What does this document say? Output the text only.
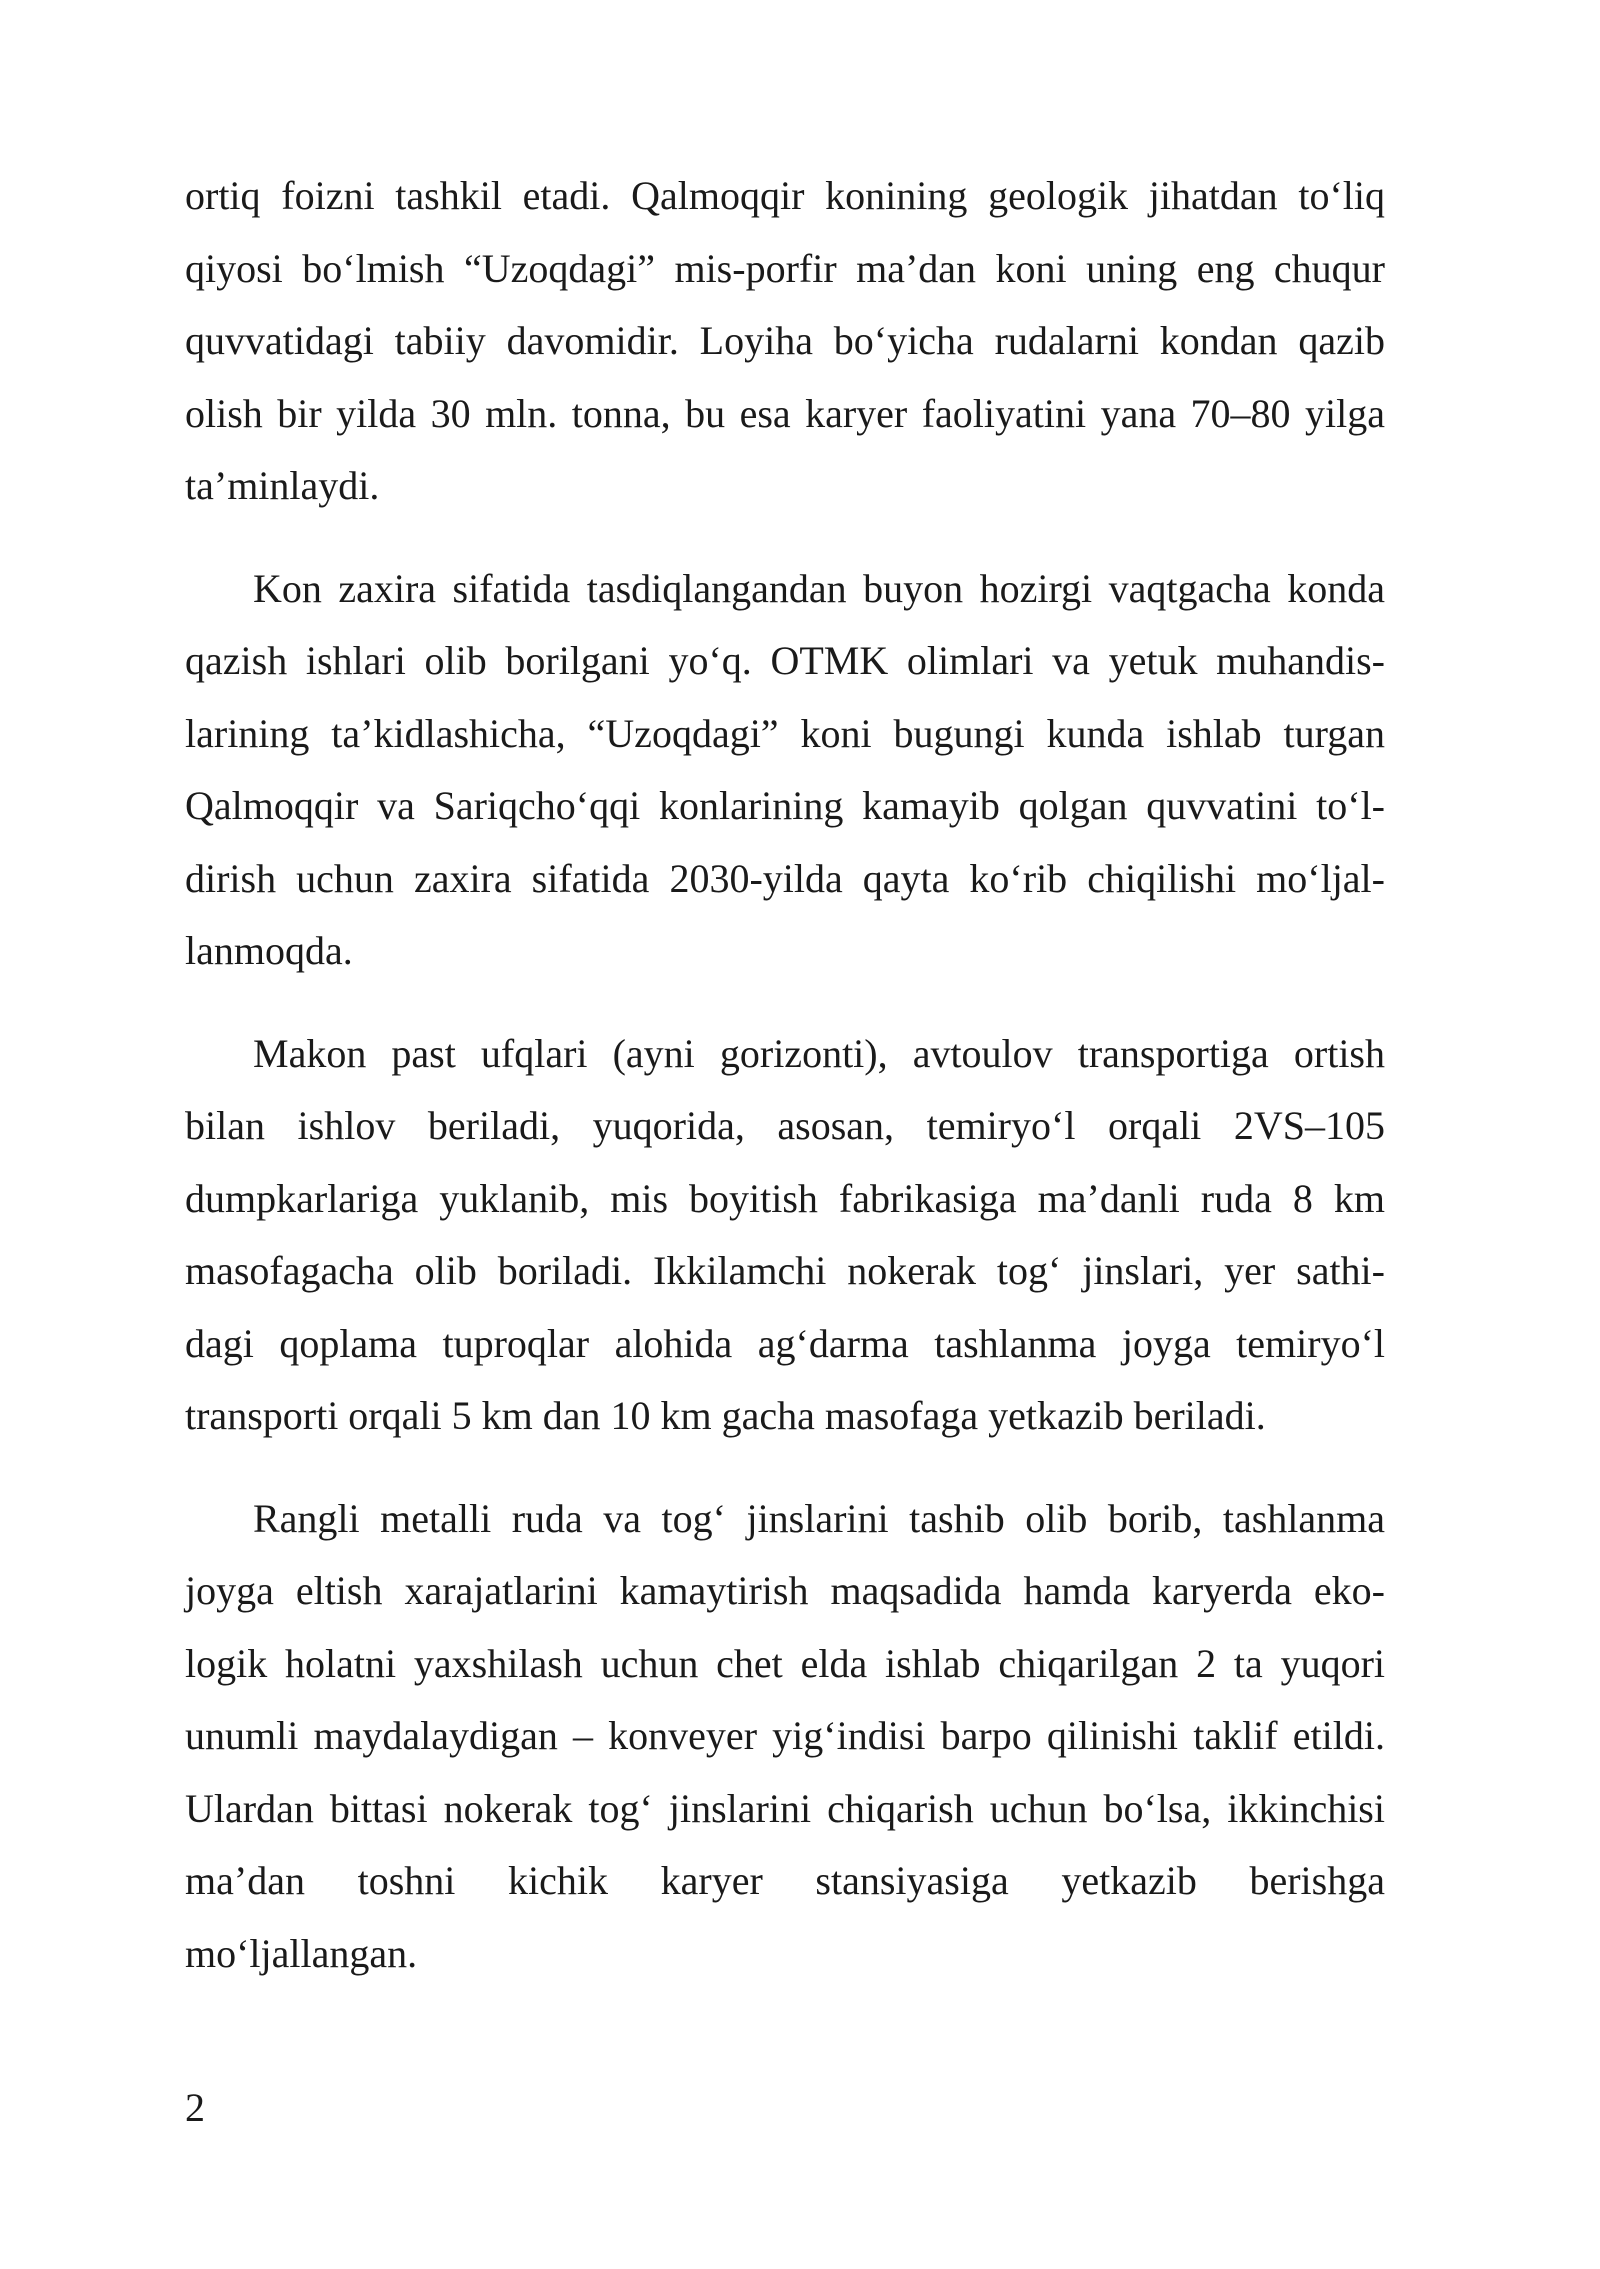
ortiq foizni tashkil etadi. Qalmoqqir konining geologik jihatdan to‘liq
qiyosi bo‘lmish “Uzoqdagi” mis-porfir ma’dan koni uning eng chuqur
quvvatidagi tabiiy davomidir. Loyiha bo‘yicha rudalarni kondan qazib
olish bir yilda 30 mln. tonna, bu esa karyer faoliyatini yana 70–80 yilga
ta’minlaydi.
Kon zaxira sifatida tasdiqlangandan buyon hozirgi vaqtgacha konda
qazish ishlari olib borilgani yo‘q. OTMK olimlari va yetuk muhandis-
larining ta’kidlashicha, “Uzoqdagi” koni bugungi kunda ishlab turgan
Qalmoqqir va Sariqcho‘qqi konlarining kamayib qolgan quvvatini to‘l-
dirish uchun zaxira sifatida 2030-yilda qayta ko‘rib chiqilishi mo‘ljal-
lanmoqda.
Makon past ufqlari (ayni gorizonti), avtoulov transportiga ortish
bilan ishlov beriladi, yuqorida, asosan, temiryo‘l orqali 2VS–105
dumpkarlariga yuklanib, mis boyitish fabrikasiga ma’danli ruda 8 km
masofagacha olib boriladi. Ikkilamchi nokerak tog‘ jinslari, yer sathi-
dagi qoplama tuproqlar alohida ag‘darma tashlanma joyga temiryo‘l
transporti orqali 5 km dan 10 km gacha masofaga yetkazib beriladi.
Rangli metalli ruda va tog‘ jinslarini tashib olib borib, tashlanma
joyga eltish xarajatlarini kamaytirish maqsadida hamda karyerda eko-
logik holatni yaxshilash uchun chet elda ishlab chiqarilgan 2 ta yuqori
unumli maydalaydigan – konveyer yig‘indisi barpo qilinishi taklif etildi.
Ulardan bittasi nokerak tog‘ jinslarini chiqarish uchun bo‘lsa, ikkinchisi
ma’dan toshni kichik karyer stansiyasiga yetkazib berishga
mo‘ljallangan.
2
